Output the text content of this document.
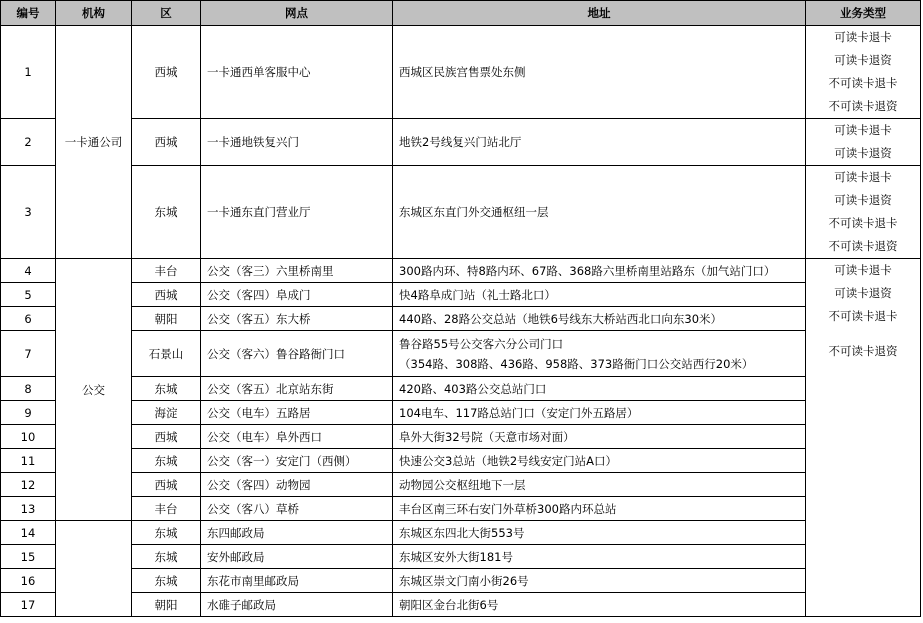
编号	机构	区	网点	地址	业务类型
1	一卡通公司	西城	一卡通西单客服中心	西城区民族宫售票处东侧	可读卡退卡
可读卡退资
不可读卡退卡
不可读卡退资

2		西城	一卡通地铁复兴门	地铁2号线复兴门站北厅	可读卡退卡
可读卡退资

3		东城	一卡通东直门营业厅	东城区东直门外交通枢纽一层	可读卡退卡
可读卡退资
不可读卡退卡
不可读卡退资

4	公交	丰台	公交（客三）六里桥南里	300路内环、特8路内环、67路、368路六里桥南里站路东（加气站门口）	可读卡退卡
可读卡退资
不可读卡退卡
不可读卡退资

5		西城	公交（客四）阜成门	快4路阜成门站（礼士路北口）	
6		朝阳	公交（客五）东大桥	440路、28路公交总站（地铁6号线东大桥站西北口向东30米）	
7		石景山	公交（客六）鲁谷路衙门口	鲁谷路55号公交客六分公司门口
（354路、308路、436路、958路、373路衙门口公交站西行20米）	

8		东城	公交（客五）北京站东街	420路、403路公交总站门口	
9		海淀	公交（电车）五路居	104电车、117路总站门口（安定门外五路居）	
10		西城	公交（电车）阜外西口	阜外大街32号院（天意市场对面）	
11		东城	公交（客一）安定门（西侧）	快速公交3总站（地铁2号线安定门站A口）	
12		西城	公交（客四）动物园	动物园公交枢纽地下一层	
13		丰台	公交（客八）草桥	丰台区南三环右安门外草桥300路内环总站	
14		东城	东四邮政局	东城区东四北大街553号	
15		东城	安外邮政局	东城区安外大街181号	
16		东城	东花市南里邮政局	东城区崇文门南小街26号	
17		朝阳	水碓子邮政局	朝阳区金台北街6号	
